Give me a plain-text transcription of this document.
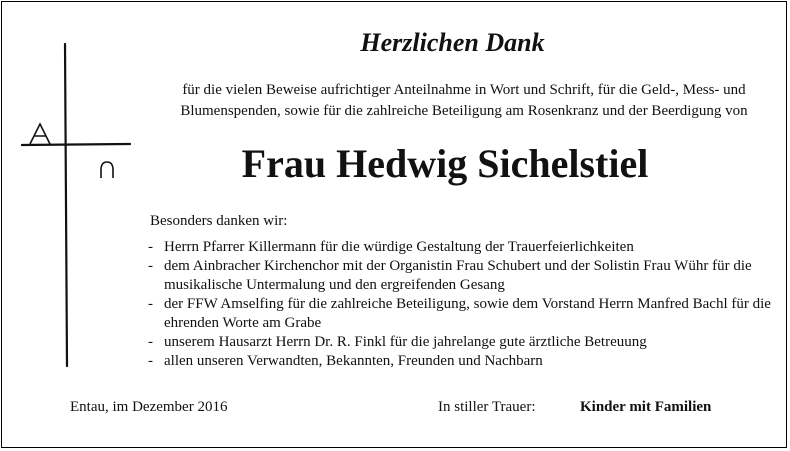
Herzlichen Dank
für die vielen Beweise aufrichtiger Anteilnahme in Wort und Schrift, für die Geld-, Mess- und Blumenspenden, sowie für die zahlreiche Beteiligung am Rosenkranz und der Beerdigung von
Frau Hedwig Sichelstiel
Besonders danken wir:
- Herrn Pfarrer Killermann für die würdige Gestaltung der Trauerfeierlichkeiten
- dem Ainbracher Kirchenchor mit der Organistin Frau Schubert und der Solistin Frau Wühr für die musikalische Untermalung und den ergreifenden Gesang
- der FFW Amselfing für die zahlreiche Beteiligung, sowie dem Vorstand Herrn Manfred Bachl für die ehrenden Worte am Grabe
- unserem Hausarzt Herrn Dr. R. Finkl für die jahrelange gute ärztliche Betreuung
- allen unseren Verwandten, Bekannten, Freunden und Nachbarn
Entau, im Dezember 2016	In stiller Trauer:	Kinder mit Familien
